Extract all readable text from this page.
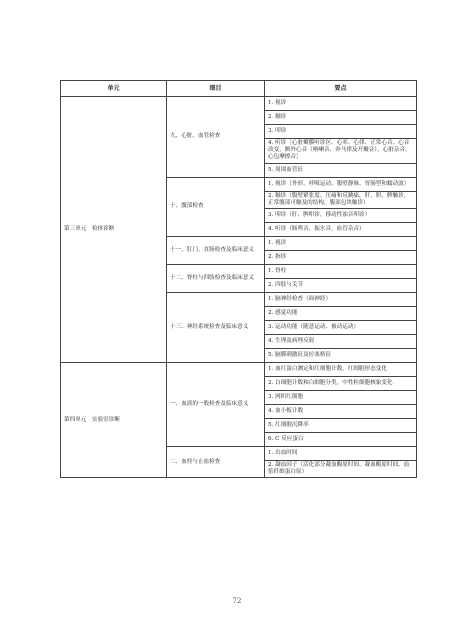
单元	细目	要点
第三单元　检体诊断	九、心脏、血管检查	1. 视诊
		2. 触诊
		3. 叩诊
		4. 听诊［心脏瓣膜听诊区、心率、心律、正常心音、心音改变、额外心音（喀喇音、奔马律及开瓣音）、心脏杂音、心包摩擦音］
		5. 周围血管征
	十、腹部检查	1. 视诊（外形、呼吸运动、腹壁静脉、胃肠型和蠕动波）
		2. 触诊（腹壁紧张度、压痛和反跳痛，肝、胆、脾触诊，正常腹部可触及的结构，腹部包块触诊）
		3. 叩诊（肝、脾叩诊，移动性浊音叩诊）
		4. 听诊（肠鸣音，振水音，血管杂音）
	十一、肛门、直肠检查及临床意义	1. 视诊
		2. 指诊
	十二、脊柱与四肢检查及临床意义	1. 脊柱
		2. 四肢与关节
	十三、神经系统检查及临床意义	1. 脑神经检查（面神经）
		2. 感觉功能
		3. 运动功能（随意运动、被动运动）
		4. 生理及病理反射
		5. 脑膜刺激征及拉塞格征
第四单元　实验室诊断	一、血液的一般检查及临床意义	1. 血红蛋白测定和红细胞计数，红细胞形态变化
		2. 白细胞计数和白细胞分类，中性粒细胞核象变化
		3. 网织红细胞
		4. 血小板计数
		5. 红细胞沉降率
		6. C 反应蛋白
	二、血栓与止血检查	1. 出血时间
		2. 凝血因子（活化部分凝血酶原时间、凝血酶原时间、血浆纤维蛋白原）
72
